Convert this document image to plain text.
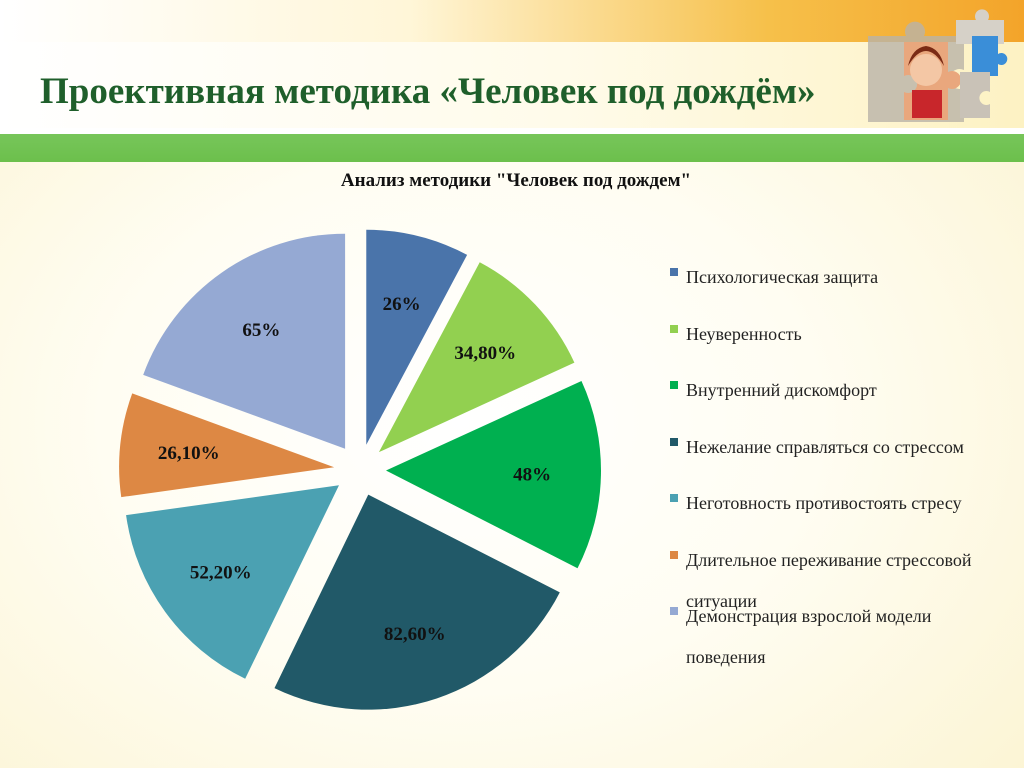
Проективная методика «Человек под дождём»
Анализ методики "Человек под дождем"
26%
34,80%
48%
82,60%
52,20%
26,10%
65%
Психологическая защита
Неуверенность
Внутренний дискомфорт
Нежелание справляться со стрессом
Неготовность противостоять стресу
Длительное переживание стрессовой ситуации
Демонстрация взрослой модели поведения
